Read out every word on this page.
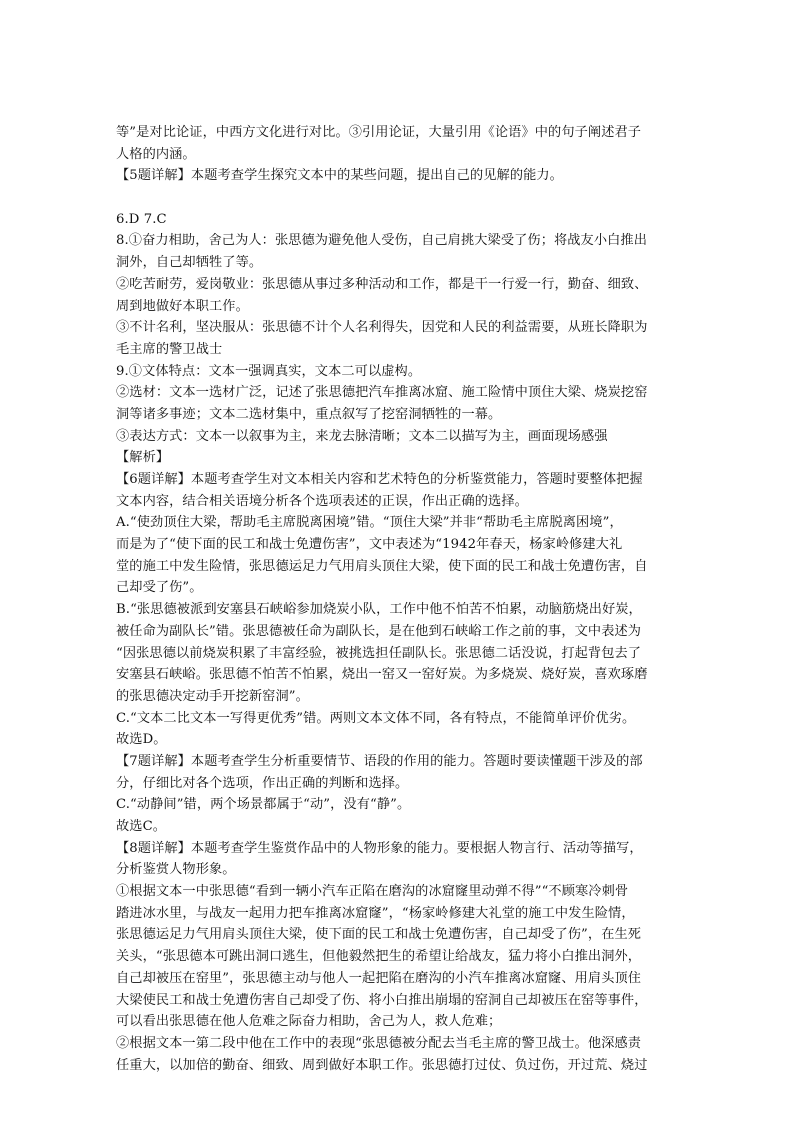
等”是对比论证，中西方文化进行对比。③引用论证，大量引用《论语》中的句子阐述君子
人格的内涵。
【5题详解】本题考查学生探究文本中的某些问题，提出自己的见解的能力。
6.D 7.C
8.①奋力相助，舍己为人：张思德为避免他人受伤，自己肩挑大梁受了伤；将战友小白推出
洞外，自己却牺牲了等。
②吃苦耐劳，爱岗敬业：张思德从事过多种活动和工作，都是干一行爱一行，勤奋、细致、
周到地做好本职工作。
③不计名利，坚决服从：张思德不计个人名利得失，因党和人民的利益需要，从班长降职为
毛主席的警卫战士
9.①文体特点：文本一强调真实，文本二可以虚构。
②选材：文本一选材广泛，记述了张思德把汽车推离冰窟、施工险情中顶住大梁、烧炭挖窑
洞等诸多事迹；文本二选材集中，重点叙写了挖窑洞牺牲的一幕。
③表达方式：文本一以叙事为主，来龙去脉清晰；文本二以描写为主，画面现场感强
【解析】
【6题详解】本题考查学生对文本相关内容和艺术特色的分析鉴赏能力，答题时要整体把握
文本内容，结合相关语境分析各个选项表述的正误，作出正确的选择。
A.“使劲顶住大梁，帮助毛主席脱离困境”错。“顶住大梁”并非“帮助毛主席脱离困境”，
而是为了“使下面的民工和战士免遭伤害”，文中表述为“1942年春天，杨家岭修建大礼
堂的施工中发生险情，张思德运足力气用肩头顶住大梁，使下面的民工和战士免遭伤害，自
己却受了伤”。
B.“张思德被派到安塞县石峡峪参加烧炭小队，工作中他不怕苦不怕累，动脑筋烧出好炭，
被任命为副队长”错。张思德被任命为副队长，是在他到石峡峪工作之前的事，文中表述为
“因张思德以前烧炭积累了丰富经验，被挑选担任副队长。张思德二话没说，打起背包去了
安塞县石峡峪。张思德不怕苦不怕累，烧出一窑又一窑好炭。为多烧炭、烧好炭，喜欢琢磨
的张思德决定动手开挖新窑洞”。
C.“文本二比文本一写得更优秀”错。两则文本文体不同，各有特点，不能简单评价优劣。
故选D。
【7题详解】本题考查学生分析重要情节、语段的作用的能力。答题时要读懂题干涉及的部
分，仔细比对各个选项，作出正确的判断和选择。
C.“动静间”错，两个场景都属于“动”，没有“静”。
故选C。
【8题详解】本题考查学生鉴赏作品中的人物形象的能力。要根据人物言行、活动等描写，
分析鉴赏人物形象。
①根据文本一中张思德“看到一辆小汽车正陷在磨沟的冰窟窿里动弹不得”“不顾寒冷刺骨
踏进冰水里，与战友一起用力把车推离冰窟窿”，“杨家岭修建大礼堂的施工中发生险情，
张思德运足力气用肩头顶住大梁，使下面的民工和战士免遭伤害，自己却受了伤”，在生死
关头，“张思德本可跳出洞口逃生，但他毅然把生的希望让给战友，猛力将小白推出洞外，
自己却被压在窑里”，张思德主动与他人一起把陷在磨沟的小汽车推离冰窟窿、用肩头顶住
大梁使民工和战士免遭伤害自己却受了伤、将小白推出崩塌的窑洞自己却被压在窑等事件，
可以看出张思德在他人危难之际奋力相助，舍己为人，救人危难；
②根据文本一第二段中他在工作中的表现“张思德被分配去当毛主席的警卫战士。他深感责
任重大，以加倍的勤奋、细致、周到做好本职工作。张思德打过仗、负过伤，开过荒、烧过
